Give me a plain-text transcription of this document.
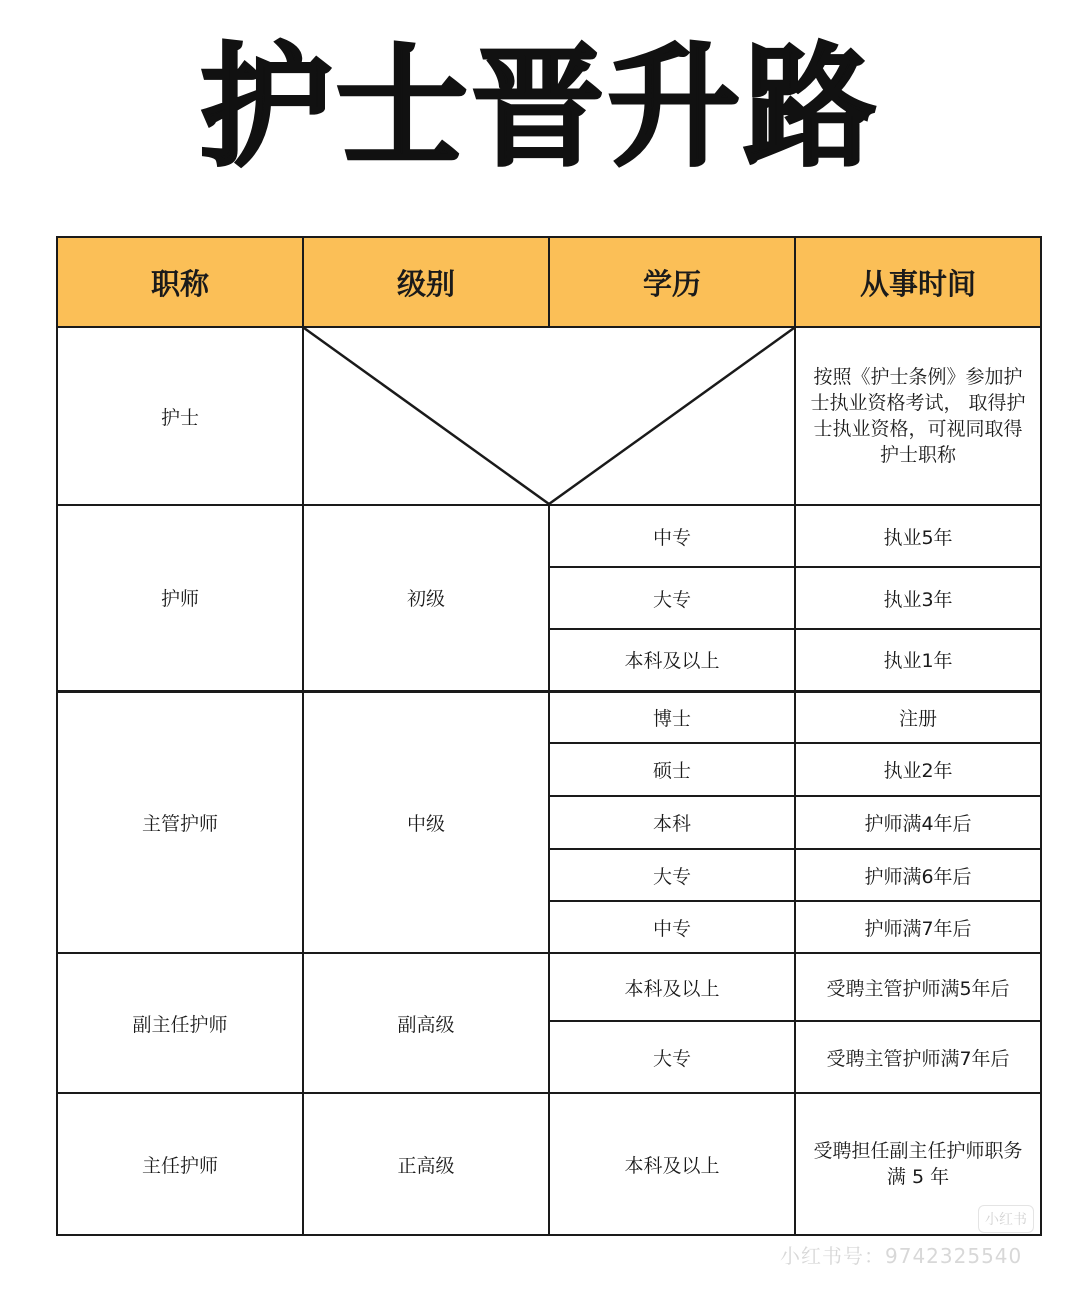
护士晋升路
职称	级别	学历	从事时间
护士			按照《护士条例》参加护士执业资格考试， 取得护士执业资格，可视同取得护士职称
护师	初级	中专	执业5年
		大专	执业3年
		本科及以上	执业1年
主管护师	中级	博士	注册
		硕士	执业2年
		本科	护师满4年后
		大专	护师满6年后
		中专	护师满7年后
副主任护师	副高级	本科及以上	受聘主管护师满5年后
		大专	受聘主管护师满7年后
主任护师	正高级	本科及以上	受聘担任副主任护师职务满 5 年
小红书
小红书号：9742325540
